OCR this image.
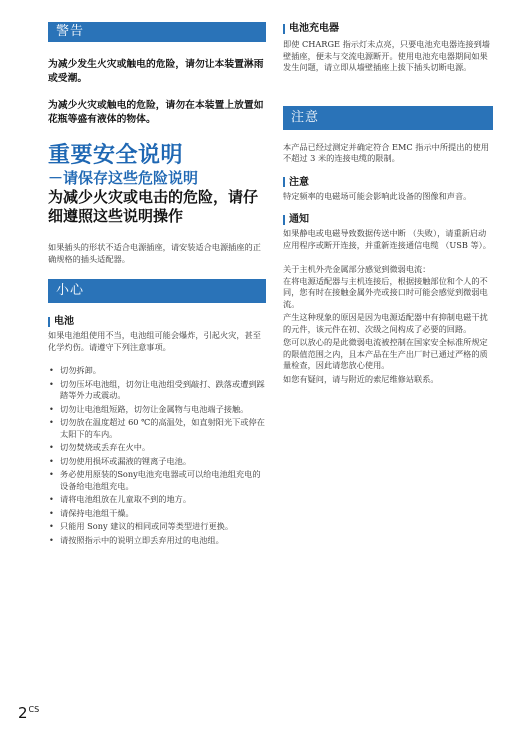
警告

为减少发生火灾或触电的危险，请勿让本装置淋雨或受潮。

为减少火灾或触电的危险，请勿在本装置上放置如花瓶等盛有液体的物体。

重要安全说明

－请保存这些危险说明

为减少火灾或电击的危险，请仔细遵照这些说明操作

如果插头的形状不适合电源插座，请安装适合电源插座的正确规格的插头适配器。

小心

电池

如果电池组使用不当，电池组可能会爆炸，引起火灾，甚至化学灼伤。请遵守下列注意事项。

• 切勿拆卸。
• 切勿压坏电池组，切勿让电池组受到敲打、跌落或遭到踩踏等外力或震动。
• 切勿让电池组短路，切勿让金属物与电池端子接触。
• 切勿放在温度超过 60 ℃的高温处，如直射阳光下或停在太阳下的车内。
• 切勿焚烧或丢弃在火中。
• 切勿使用损坏或漏液的锂离子电池。
• 务必使用原装的Sony电池充电器或可以给电池组充电的设备给电池组充电。
• 请将电池组放在儿童取不到的地方。
• 请保持电池组干燥。
• 只能用 Sony 建议的相同或同等类型进行更换。
• 请按照指示中的说明立即丢弃用过的电池组。

电池充电器

即使 CHARGE 指示灯未点亮，只要电池充电器连接到墙壁插座，便未与交流电源断开。使用电池充电器期间如果发生问题，请立即从墙壁插座上拔下插头切断电源。

注意

本产品已经过测定并确定符合 EMC 指示中所提出的使用不超过 3 米的连接电缆的限制。

注意

特定频率的电磁场可能会影响此设备的图像和声音。

通知

如果静电或电磁导致数据传送中断 （失败），请重新启动应用程序或断开连接，并重新连接通信电缆 （USB 等）。

关于主机外壳金属部分感觉到微弱电流：
在将电源适配器与主机连接后，根据接触部位和个人的不同，您有时在接触金属外壳或接口时可能会感觉到微弱电流。

产生这种现象的原因是因为电源适配器中有抑制电磁干扰的元件，该元件在初、次级之间构成了必要的回路。

您可以放心的是此微弱电流被控制在国家安全标准所规定的限值范围之内，且本产品在生产出厂时已通过严格的质量检查，因此请您放心使用。

如您有疑问，请与附近的索尼维修站联系。

$2^{CS}$
